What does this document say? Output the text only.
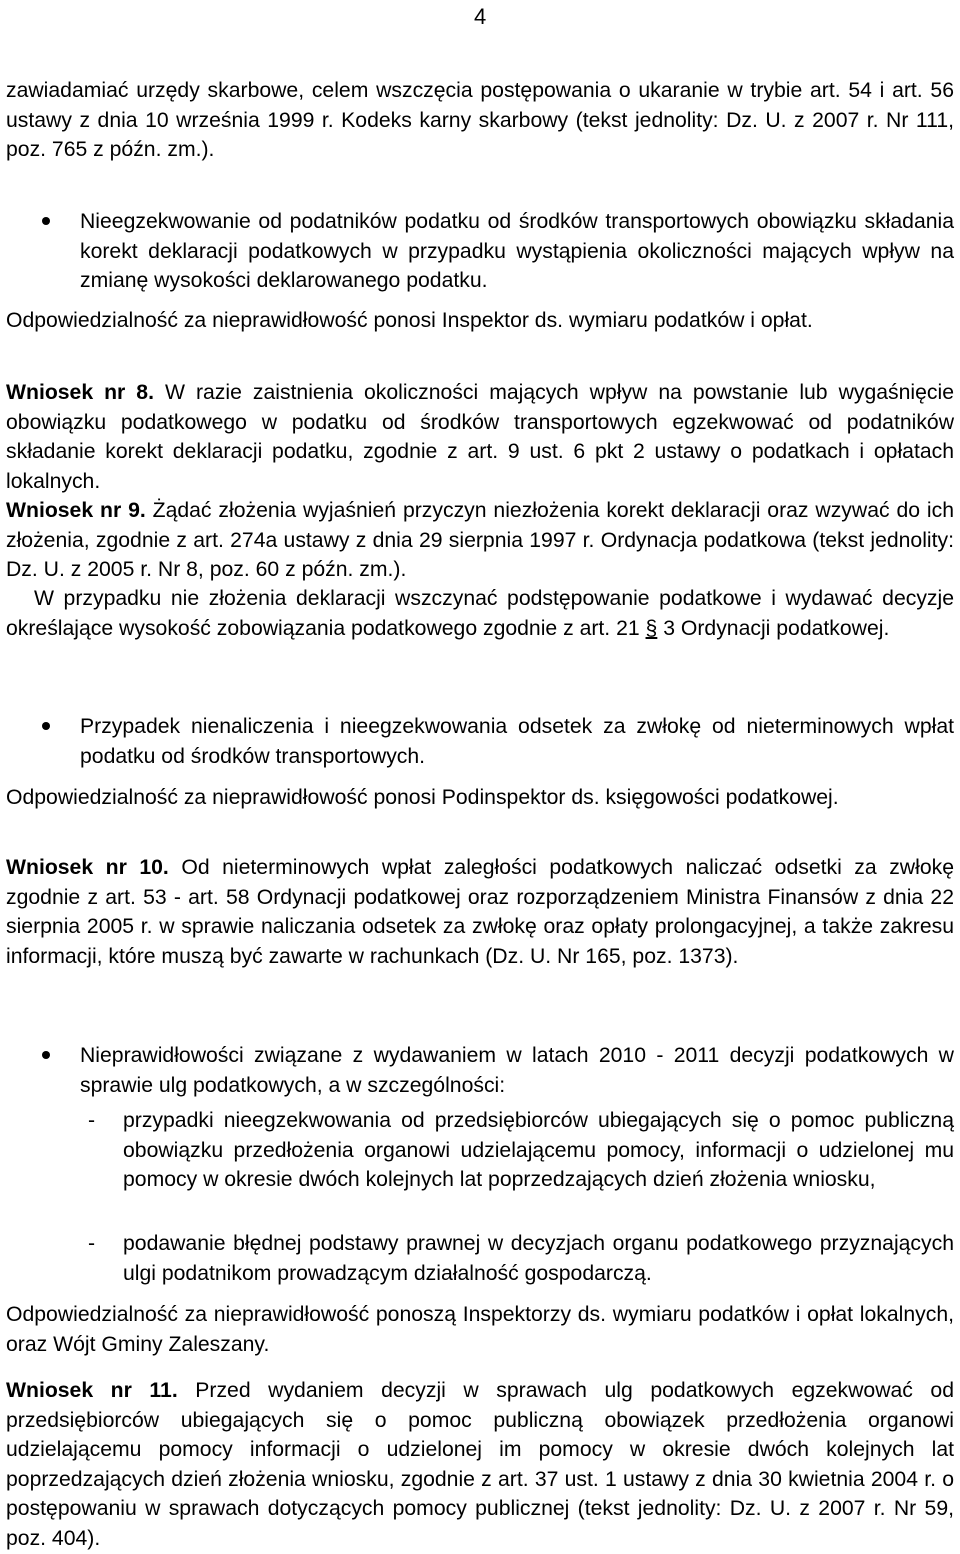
4
zawiadamiać urzędy skarbowe, celem wszczęcia postępowania o ukaranie w trybie art. 54 i art. 56 ustawy z dnia 10 września 1999 r. Kodeks karny skarbowy (tekst jednolity: Dz. U. z 2007 r. Nr 111, poz. 765 z późn. zm.).
Nieegzekwowanie od podatników podatku od środków transportowych obowiązku składania korekt deklaracji podatkowych w przypadku wystąpienia okoliczności mających wpływ na zmianę wysokości deklarowanego podatku.
Odpowiedzialność za nieprawidłowość ponosi Inspektor ds. wymiaru podatków i opłat.
Wniosek nr 8. W razie zaistnienia okoliczności mających wpływ na powstanie lub wygaśnięcie obowiązku podatkowego w podatku od środków transportowych egzekwować od podatników składanie korekt deklaracji podatku, zgodnie z art. 9 ust. 6 pkt 2 ustawy o podatkach i opłatach lokalnych.
Wniosek nr 9. Żądać złożenia wyjaśnień przyczyn niezłożenia korekt deklaracji oraz wzywać do ich złożenia, zgodnie z art. 274a ustawy z dnia 29 sierpnia 1997 r. Ordynacja podatkowa (tekst jednolity: Dz. U. z 2005 r. Nr 8, poz. 60 z późn. zm.).
W przypadku nie złożenia deklaracji wszczynać podstępowanie podatkowe i wydawać decyzje określające wysokość zobowiązania podatkowego zgodnie z art. 21 § 3 Ordynacji podatkowej.
Przypadek nienaliczenia i nieegzekwowania odsetek za zwłokę od nieterminowych wpłat podatku od środków transportowych.
Odpowiedzialność za nieprawidłowość ponosi Podinspektor ds. księgowości podatkowej.
Wniosek nr 10. Od nieterminowych wpłat zaległości podatkowych naliczać odsetki za zwłokę zgodnie z art. 53 - art. 58 Ordynacji podatkowej oraz rozporządzeniem Ministra Finansów z dnia 22 sierpnia 2005 r. w sprawie naliczania odsetek za zwłokę oraz opłaty prolongacyjnej, a także zakresu informacji, które muszą być zawarte w rachunkach (Dz. U. Nr 165, poz. 1373).
Nieprawidłowości związane z wydawaniem w latach 2010 - 2011 decyzji podatkowych w sprawie ulg podatkowych, a w szczególności:
- przypadki nieegzekwowania od przedsiębiorców ubiegających się o pomoc publiczną obowiązku przedłożenia organowi udzielającemu pomocy, informacji o udzielonej mu pomocy w okresie dwóch kolejnych lat poprzedzających dzień złożenia wniosku,
- podawanie błędnej podstawy prawnej w decyzjach organu podatkowego przyznających ulgi podatnikom prowadzącym działalność gospodarczą.
Odpowiedzialność za nieprawidłowość ponoszą Inspektorzy ds. wymiaru podatków i opłat lokalnych, oraz Wójt Gminy Zaleszany.
Wniosek nr 11. Przed wydaniem decyzji w sprawach ulg podatkowych egzekwować od przedsiębiorców ubiegających się o pomoc publiczną obowiązek przedłożenia organowi udzielającemu pomocy informacji o udzielonej im pomocy w okresie dwóch kolejnych lat poprzedzających dzień złożenia wniosku, zgodnie z art. 37 ust. 1 ustawy z dnia 30 kwietnia 2004 r. o postępowaniu w sprawach dotyczących pomocy publicznej (tekst jednolity: Dz. U. z 2007 r. Nr 59, poz. 404).
